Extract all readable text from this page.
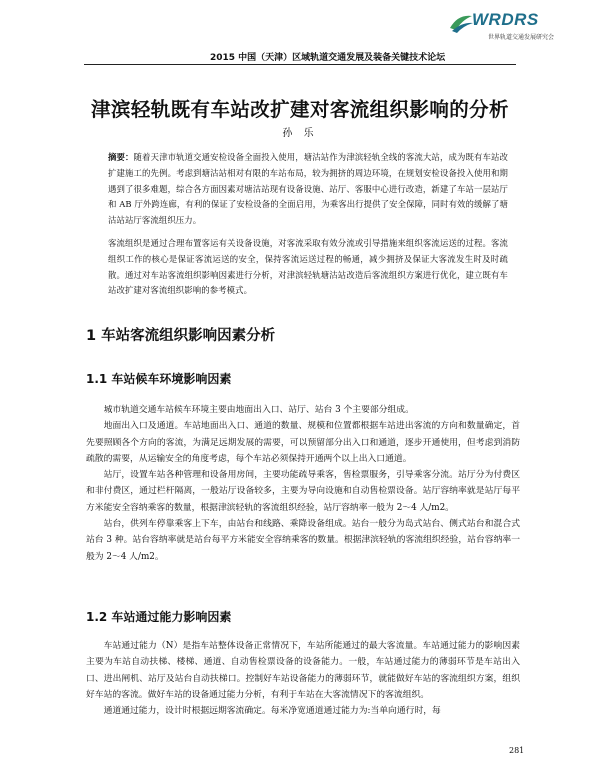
WRDRS
世界轨道交通发展研究会
2015 中国（天津）区域轨道交通发展及装备关键技术论坛
津滨轻轨既有车站改扩建对客流组织影响的分析
孙 乐
摘要：随着天津市轨道交通安检设备全面投入使用，塘沽站作为津滨轻轨全线的客流大站，成为既有车站改扩建施工的先例。考虑到塘沽站相对有限的车站布局，较为拥挤的周边环境，在规划安检设备投入使用和期遇到了很多难题，综合各方面因素对塘沽站现有设备设施、站厅、客服中心进行改造，新建了车站一层站厅和 AB 厅外跨连廊，有利的保证了安检设备的全面启用，为乘客出行提供了安全保障，同时有效的缓解了塘沽站站厅客流组织压力。
客流组织是通过合理布置客运有关设备设施，对客流采取有效分流或引导措施来组织客流运送的过程。客流组织工作的核心是保证客流运送的安全，保持客流运送过程的畅通，减少拥挤及保证大客流发生时及时疏散。通过对车站客流组织影响因素进行分析，对津滨轻轨塘沽站改造后客流组织方案进行优化，建立既有车站改扩建对客流组织影响的参考模式。
1 车站客流组织影响因素分析
1.1 车站候车环境影响因素

城市轨道交通车站候车环境主要由地面出入口、站厅、站台 3 个主要部分组成。

地面出入口及通道。车站地面出入口、通道的数量、规模和位置都根据车站进出客流的方向和数量确定，首先要照顾各个方向的客流，为满足远期发展的需要，可以预留部分出入口和通道，逐步开通使用，但考虑到消防疏散的需要，从运输安全的角度考虑，每个车站必须保持开通两个以上出入口通道。

站厅，设置车站各种管理和设备用房间，主要功能疏导乘客，售检票服务，引导乘客分流。站厅分为付费区和非付费区，通过栏杆隔离，一般站厅设备较多，主要为导向设施和自动售检票设备。站厅容纳率就是站厅每平方米能安全容纳乘客的数量，根据津滨轻轨的客流组织经验，站厅容纳率一般为 2～4 人/m2。

站台，供列车停靠乘客上下车，由站台和线路、乘降设备组成。站台一般分为岛式站台、侧式站台和混合式站台 3 种。站台容纳率就是站台每平方米能安全容纳乘客的数量。根据津滨轻轨的客流组织经验，站台容纳率一般为 2～4 人/m2。

1.2 车站通过能力影响因素

车站通过能力（N）是指车站整体设备正常情况下，车站所能通过的最大客流量。车站通过能力的影响因素主要为车站自动扶梯、楼梯、通道、自动售检票设备的设备能力。一般，车站通过能力的薄弱环节是车站出入口、进出闸机、站厅及站台自动扶梯口。控制好车站设备能力的薄弱环节，就能做好车站的客流组织方案，组织好车站的客流。做好车站的设备通过能力分析，有利于车站在大客流情况下的客流组织。

通道通过能力，设计时根据远期客流确定。每米净宽通道通过能力为:当单向通行时，每

281
